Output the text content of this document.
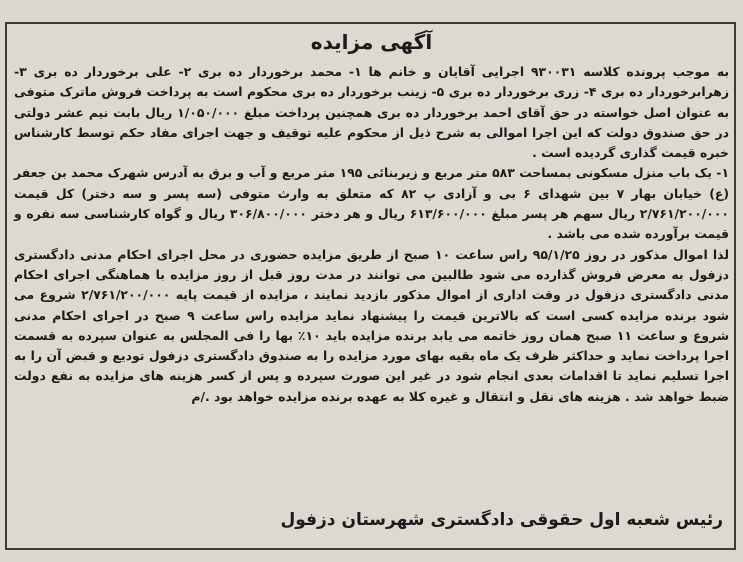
آگهی مزایده

به موجب پرونده کلاسه ۹۳۰۰۳۱ اجرایی آقایان و خانم ها ۱- محمد برخوردار ده بری ۲- علی برخوردار ده بری ۳- زهرابرخوردار ده بری ۴- زری برخوردار ده بری ۵- زینب برخوردار ده بری محکوم است به پرداخت فروش ماترک متوفی به عنوان اصل خواسته در حق آقای احمد برخوردار ده بری همچنین پرداخت مبلغ ۱/۰۵۰/۰۰۰ ریال بابت نیم عشر دولتی در حق صندوق دولت که این اجرا اموالی به شرح ذیل از محکوم علیه توقیف و جهت اجرای مفاد حکم توسط کارشناس خبره قیمت گذاری گردیده است .

۱- یک باب منزل مسکونی بمساحت ۵۸۳ متر مربع و زیربنائی ۱۹۵ متر مربع و آب و برق به آدرس شهرک محمد بن جعفر (ع) خیابان بهار ۷ بین شهدای ۶ بی و آزادی پ ۸۲ که متعلق به وارث متوفی (سه پسر و سه دختر) کل قیمت ۲/۷۶۱/۲۰۰/۰۰۰ ریال سهم هر پسر مبلغ ۶۱۳/۶۰۰/۰۰۰ ریال و هر دختر ۳۰۶/۸۰۰/۰۰۰ ریال و گواه کارشناسی سه نفره و قیمت برآورده شده می باشد .

لذا اموال مذکور در روز ۹۵/۱/۲۵ راس ساعت ۱۰ صبح از طریق مزایده حضوری در محل اجرای احکام مدنی دادگستری دزفول به معرض فروش گذارده می شود طالبین می توانند در مدت روز قبل از روز مزایده با هماهنگی اجرای احکام مدنی دادگستری دزفول در وقت اداری از اموال مذکور بازدید نمایند ، مزایده از قیمت پایه ۲/۷۶۱/۲۰۰/۰۰۰ شروع می شود برنده مزایده کسی است که بالاترین قیمت را پیشنهاد نماید مزایده راس ساعت ۹ صبح در اجرای احکام مدنی شروع و ساعت ۱۱ صبح همان روز خاتمه می یابد برنده مزایده باید ۱۰٪ بها را فی المجلس به عنوان سپرده به قسمت اجرا پرداخت نماید و حداکثر ظرف یک ماه بقیه بهای مورد مزایده را به صندوق دادگستری دزفول تودیع و قبض آن را به اجرا تسلیم نماید تا اقدامات بعدی انجام شود در غیر این صورت سپرده و پس از کسر هزینه های مزایده به نفع دولت ضبط خواهد شد . هزینه های نقل و انتقال و غیره کلا به عهده برنده مزایده خواهد بود ./م

رئیس شعبه اول حقوقی دادگستری شهرستان دزفول
